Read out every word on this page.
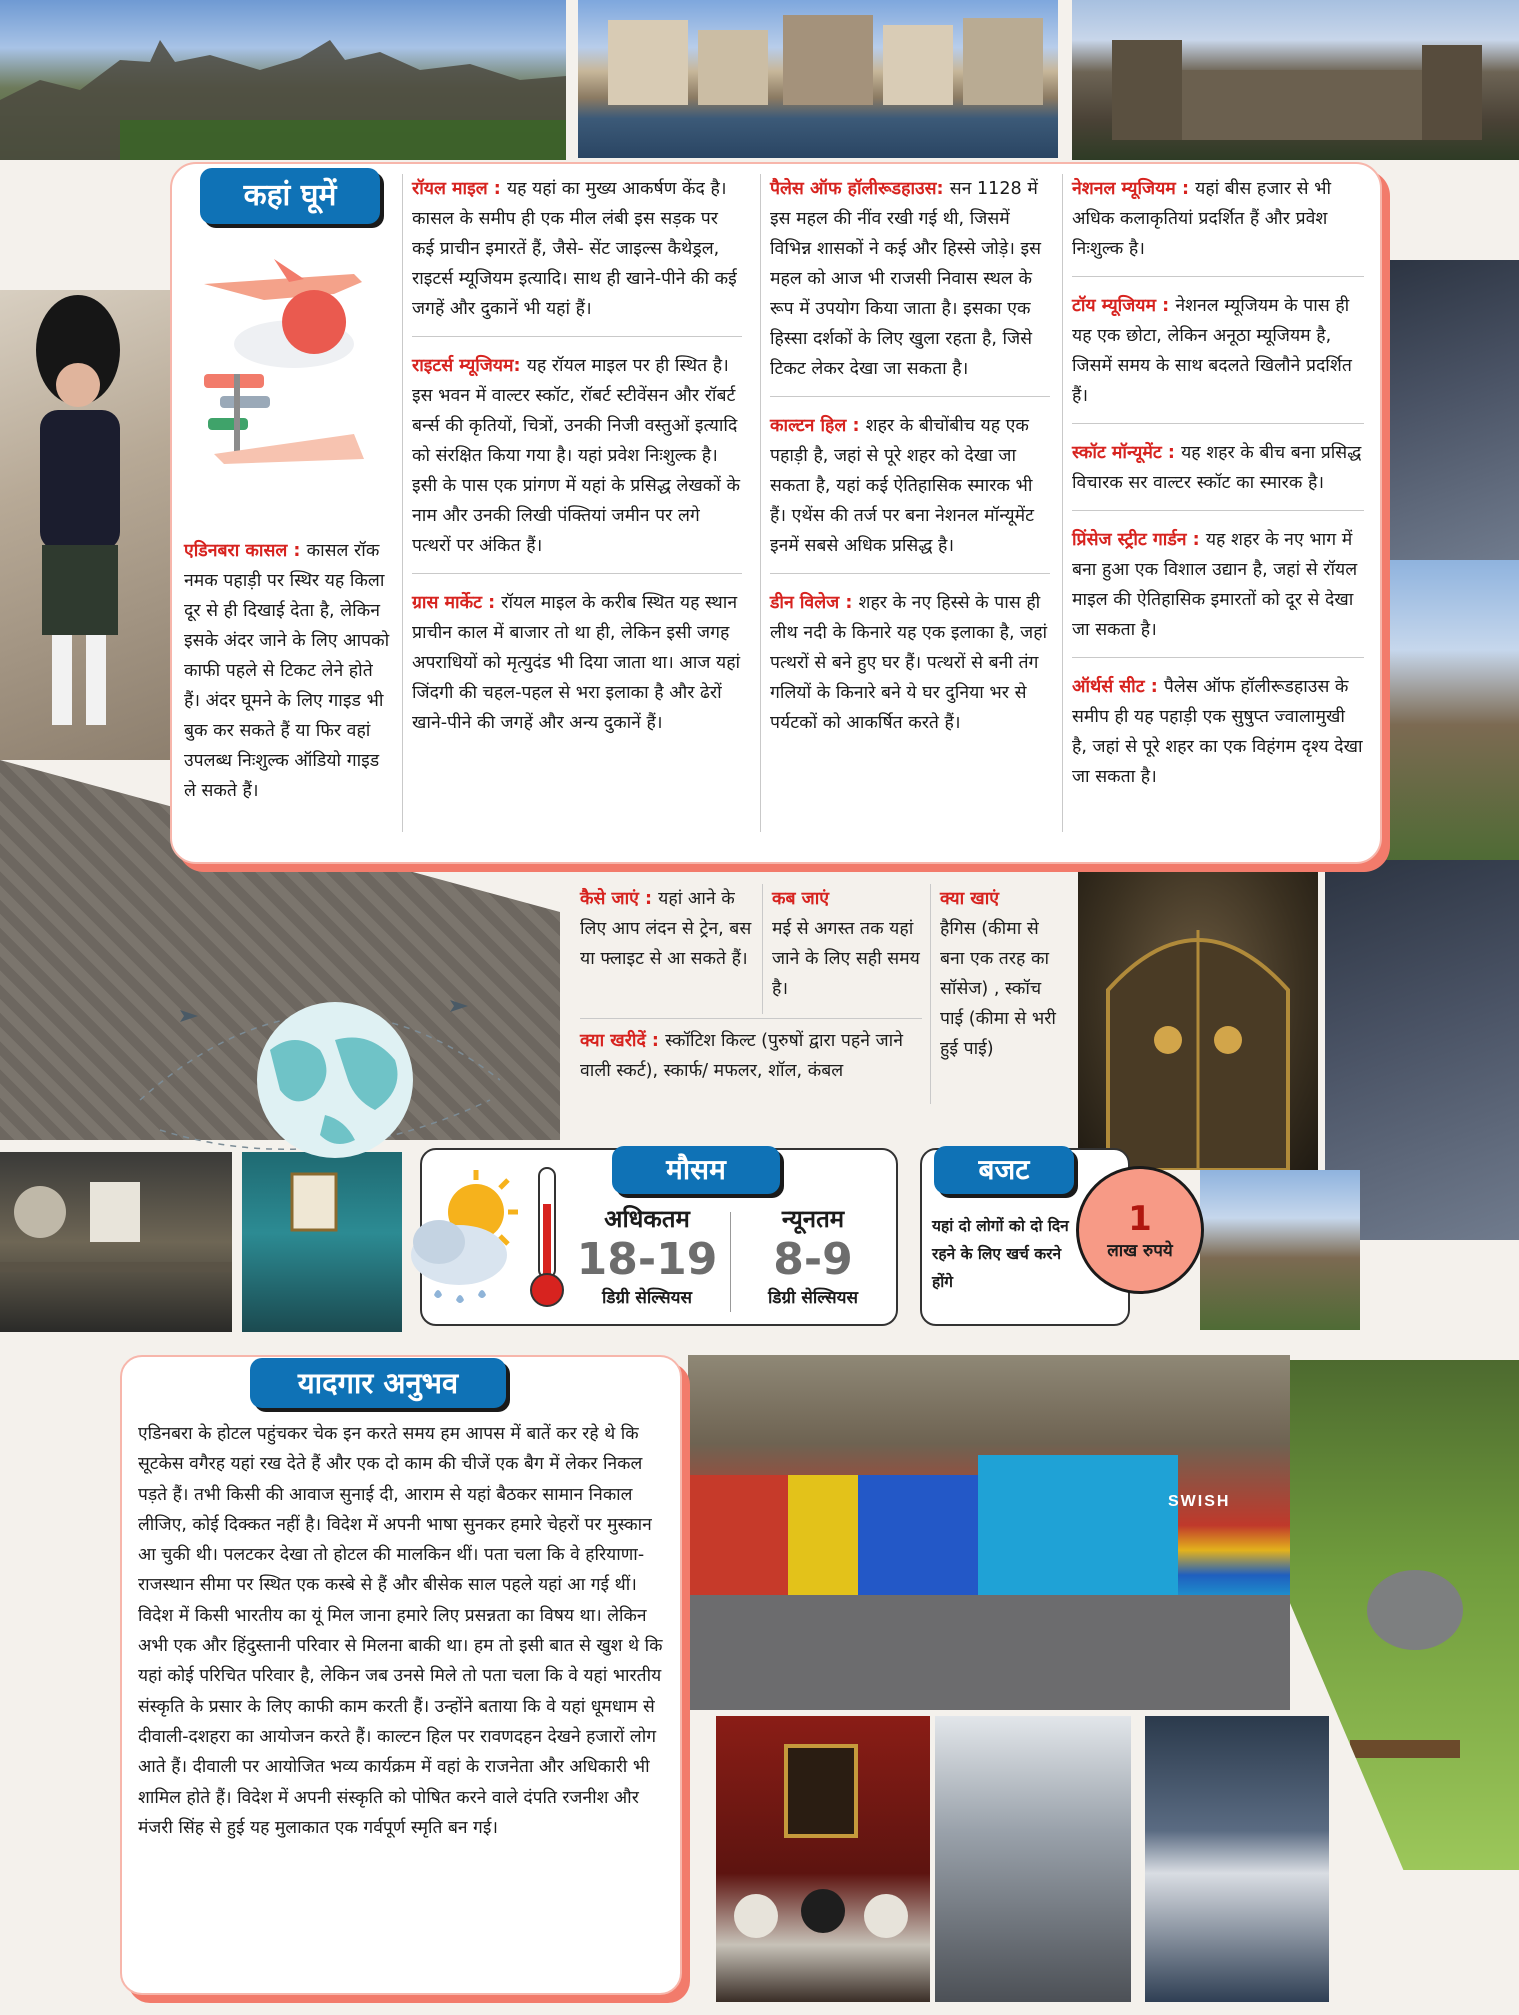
SWISH
कहां घूमें

एडिनबरा कासल : कासल रॉक नमक पहाड़ी पर स्थिर यह किला दूर से ही दिखाई देता है, लेकिन इसके अंदर जाने के लिए आपको काफी पहले से टिकट लेने होते हैं। अंदर घूमने के लिए गाइड भी बुक कर सकते हैं या फिर वहां उपलब्ध निःशुल्क ऑडियो गाइड ले सकते हैं।

रॉयल माइल : यह यहां का मुख्य आकर्षण केंद है। कासल के समीप ही एक मील लंबी इस सड़क पर कई प्राचीन इमारतें हैं, जैसे- सेंट जाइल्स कैथेड्रल, राइटर्स म्यूजियम इत्यादि। साथ ही खाने-पीने की कई जगहें और दुकानें भी यहां हैं।

राइटर्स म्यूजियम: यह रॉयल माइल पर ही स्थित है। इस भवन में वाल्टर स्कॉट, रॉबर्ट स्टीवेंसन और रॉबर्ट बर्न्स की कृतियों, चित्रों, उनकी निजी वस्तुओं इत्यादि को संरक्षित किया गया है। यहां प्रवेश निःशुल्क है। इसी के पास एक प्रांगण में यहां के प्रसिद्ध लेखकों के नाम और उनकी लिखी पंक्तियां जमीन पर लगे पत्थरों पर अंकित हैं।

ग्रास मार्केट : रॉयल माइल के करीब स्थित यह स्थान प्राचीन काल में बाजार तो था ही, लेकिन इसी जगह अपराधियों को मृत्युदंड भी दिया जाता था। आज यहां जिंदगी की चहल-पहल से भरा इलाका है और ढेरों खाने-पीने की जगहें और अन्य दुकानें हैं।

पैलेस ऑफ हॉलीरूडहाउस: सन 1128 में इस महल की नींव रखी गई थी, जिसमें विभिन्न शासकों ने कई और हिस्से जोड़े। इस महल को आज भी राजसी निवास स्थल के रूप में उपयोग किया जाता है। इसका एक हिस्सा दर्शकों के लिए खुला रहता है, जिसे टिकट लेकर देखा जा सकता है।

काल्टन हिल : शहर के बीचोंबीच यह एक पहाड़ी है, जहां से पूरे शहर को देखा जा सकता है, यहां कई ऐतिहासिक स्मारक भी हैं। एथेंस की तर्ज पर बना नेशनल मॉन्यूमेंट इनमें सबसे अधिक प्रसिद्ध है।

डीन विलेज : शहर के नए हिस्से के पास ही लीथ नदी के किनारे यह एक इलाका है, जहां पत्थरों से बने हुए घर हैं। पत्थरों से बनी तंग गलियों के किनारे बने ये घर दुनिया भर से पर्यटकों को आकर्षित करते हैं।

नेशनल म्यूजियम : यहां बीस हजार से भी अधिक कलाकृतियां प्रदर्शित हैं और प्रवेश निःशुल्क है।

टॉय म्यूजियम : नेशनल म्यूजियम के पास ही यह एक छोटा, लेकिन अनूठा म्यूजियम है, जिसमें समय के साथ बदलते खिलौने प्रदर्शित हैं।

स्कॉट मॉन्यूमेंट : यह शहर के बीच बना प्रसिद्ध विचारक सर वाल्टर स्कॉट का स्मारक है।

प्रिंसेज स्ट्रीट गार्डन : यह शहर के नए भाग में बना हुआ एक विशाल उद्यान है, जहां से रॉयल माइल की ऐतिहासिक इमारतों को दूर से देखा जा सकता है।

ऑर्थर्स सीट : पैलेस ऑफ हॉलीरूडहाउस के समीप ही यह पहाड़ी एक सुषुप्त ज्वालामुखी है, जहां से पूरे शहर का एक विहंगम दृश्य देखा जा सकता है।

कैसे जाएं : यहां आने के लिए आप लंदन से ट्रेन, बस या फ्लाइट से आ सकते हैं।
कब जाएं
मई से अगस्त तक यहां जाने के लिए सही समय है।
क्या खाएं
हैगिस (कीमा से बना एक तरह का सॉसेज) , स्कॉच पाई (कीमा से भरी हुई पाई)
क्या खरीदें : स्कॉटिश किल्ट (पुरुषों द्वारा पहने जाने वाली स्कर्ट), स्कार्फ/ मफलर, शॉल, कंबल
मौसम
अधिकतम
18-19
डिग्री सेल्सियस
न्यूनतम
8-9
डिग्री सेल्सियस
बजट
यहां दो लोगों को दो दिन रहने के लिए खर्च करने होंगे
1
लाख रुपये
यादगार अनुभव

एडिनबरा के होटल पहुंचकर चेक इन करते समय हम आपस में बातें कर रहे थे कि सूटकेस वगैरह यहां रख देते हैं और एक दो काम की चीजें एक बैग में लेकर निकल पड़ते हैं। तभी किसी की आवाज सुनाई दी, आराम से यहां बैठकर सामान निकाल लीजिए, कोई दिक्कत नहीं है। विदेश में अपनी भाषा सुनकर हमारे चेहरों पर मुस्कान आ चुकी थी। पलटकर देखा तो होटल की मालकिन थीं। पता चला कि वे हरियाणा-राजस्थान सीमा पर स्थित एक कस्बे से हैं और बीसेक साल पहले यहां आ गई थीं। विदेश में किसी भारतीय का यूं मिल जाना हमारे लिए प्रसन्नता का विषय था। लेकिन अभी एक और हिंदुस्तानी परिवार से मिलना बाकी था। हम तो इसी बात से खुश थे कि यहां कोई परिचित परिवार है, लेकिन जब उनसे मिले तो पता चला कि वे यहां भारतीय संस्कृति के प्रसार के लिए काफी काम करती हैं। उन्होंने बताया कि वे यहां धूमधाम से दीवाली-दशहरा का आयोजन करते हैं। काल्टन हिल पर रावणदहन देखने हजारों लोग आते हैं। दीवाली पर आयोजित भव्य कार्यक्रम में वहां के राजनेता और अधिकारी भी शामिल होते हैं। विदेश में अपनी संस्कृति को पोषित करने वाले दंपति रजनीश और मंजरी सिंह से हुई यह मुलाकात एक गर्वपूर्ण स्मृति बन गई।
